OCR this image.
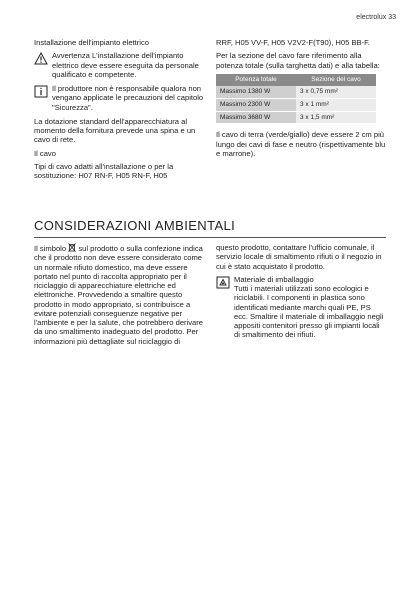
electrolux 33
Installazione dell'impianto elettrico
Avvertenza L'installazione dell'impianto elettrico deve essere eseguita da personale qualificato e competente.
Il produttore non è responsabile qualora non vengano applicate le precauzioni del capitolo "Sicurezza".

La dotazione standard dell'apparecchiatura al momento della fornitura prevede una spina e un cavo di rete.

Il cavo

Tipi di cavo adatti all'installazione o per la sostituzione: H07 RN-F, H05 RN-F, H05

RRF, H05 VV-F, H05 V2V2-F(T90), H05 BB-F.

Per la sezione del cavo fare riferimento alla potenza totale (sulla targhetta dati) e alla tabella:

Potenza totale	Sezione del cavo
Massimo 1380 W	3 x 0,75 mm²
Massimo 2300 W	3 x 1 mm²
Massimo 3680 W	3 x 1,5 mm²

Il cavo di terra (verde/giallo) deve essere 2 cm più lungo dei cavi di fase e neutro (rispettivamente blu e marrone).

CONSIDERAZIONI AMBIENTALI

Il simbolo sul prodotto o sulla confezione indica che il prodotto non deve essere considerato come un normale rifiuto domestico, ma deve essere portato nel punto di raccolta appropriato per il riciclaggio di apparecchiature elettriche ed elettroniche. Provvedendo a smaltire questo prodotto in modo appropriato, si contribuisce a evitare potenziali conseguenze negative per l'ambiente e per la salute, che potrebbero derivare da uno smaltimento inadeguato del prodotto. Per informazioni più dettagliate sul riciclaggio di

questo prodotto, contattare l'ufficio comunale, il servizio locale di smaltimento rifiuti o il negozio in cui è stato acquistato il prodotto.

Materiale di imballaggio
Tutti i materiali utilizzati sono ecologici e riciclabili. I componenti in plastica sono identificati mediante marchi quali PE, PS ecc. Smaltire il materiale di imballaggio negli appositi contenitori presso gli impianti locali di smaltimento dei rifiuti.
